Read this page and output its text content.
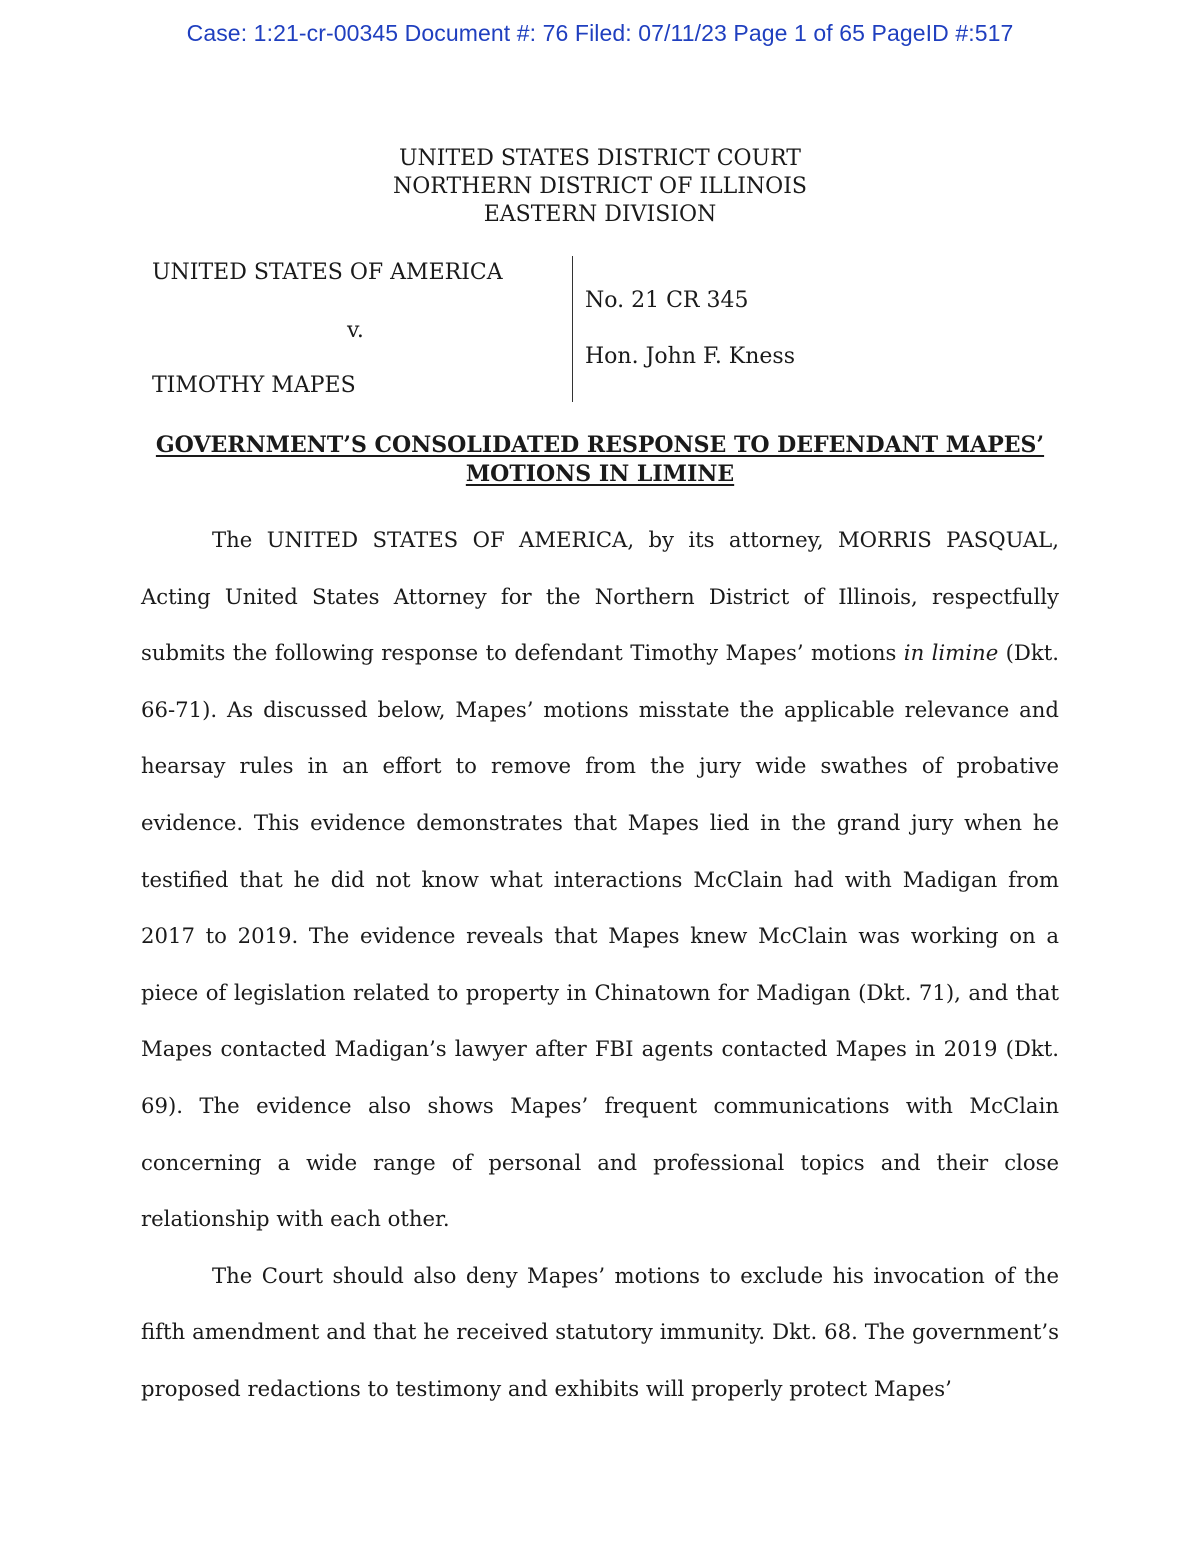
Case: 1:21-cr-00345 Document #: 76 Filed: 07/11/23 Page 1 of 65 PageID #:517
UNITED STATES DISTRICT COURT
NORTHERN DISTRICT OF ILLINOIS
EASTERN DIVISION
UNITED STATES OF AMERICA
v.
TIMOTHY MAPES
No. 21 CR 345
Hon. John F. Kness
GOVERNMENT’S CONSOLIDATED RESPONSE TO DEFENDANT MAPES’
MOTIONS IN LIMINE

The UNITED STATES OF AMERICA, by its attorney, MORRIS PASQUAL, Acting United States Attorney for the Northern District of Illinois, respectfully submits the following response to defendant Timothy Mapes’ motions in limine (Dkt. 66-71). As discussed below, Mapes’ motions misstate the applicable relevance and hearsay rules in an effort to remove from the jury wide swathes of probative evidence. This evidence demonstrates that Mapes lied in the grand jury when he testified that he did not know what interactions McClain had with Madigan from 2017 to 2019. The evidence reveals that Mapes knew McClain was working on a piece of legislation related to property in Chinatown for Madigan (Dkt. 71), and that Mapes contacted Madigan’s lawyer after FBI agents contacted Mapes in 2019 (Dkt. 69). The evidence also shows Mapes’ frequent communications with McClain concerning a wide range of personal and professional topics and their close relationship with each other.

The Court should also deny Mapes’ motions to exclude his invocation of the fifth amendment and that he received statutory immunity. Dkt. 68. The government’s proposed redactions to testimony and exhibits will properly protect Mapes’
